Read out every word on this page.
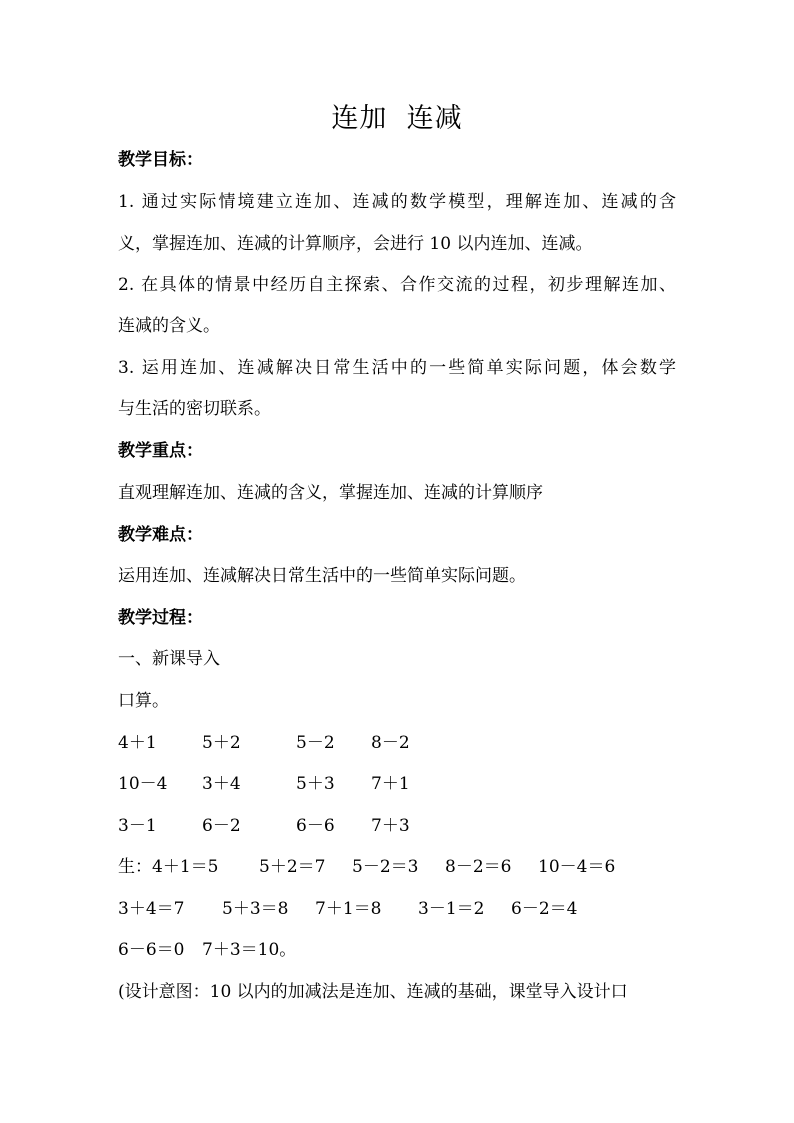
连加  连减
教学目标：
1. 通过实际情境建立连加、连减的数学模型，理解连加、连减的含
义，掌握连加、连减的计算顺序，会进行 10 以内连加、连减。
2. 在具体的情景中经历自主探索、合作交流的过程，初步理解连加、
连减的含义。
3. 运用连加、连减解决日常生活中的一些简单实际问题，体会数学
与生活的密切联系。
教学重点：
直观理解连加、连减的含义，掌握连加、连减的计算顺序
教学难点：
运用连加、连减解决日常生活中的一些简单实际问题。
教学过程：
一、新课导入
口算。
4＋1	5＋2	5－2 8－2
10－4 3＋4	5＋3 7＋1
3－1	6－2	6－6 7＋3
生： 4＋1＝5 5＋2＝7 5－2＝3 8－2＝6 10－4＝6
3＋4＝7 5＋3＝8 7＋1＝8 3－1＝2 6－2＝4
6－6＝0 7＋3＝10。
(设计意图：10 以内的加减法是连加、连减的基础，课堂导入设计口
